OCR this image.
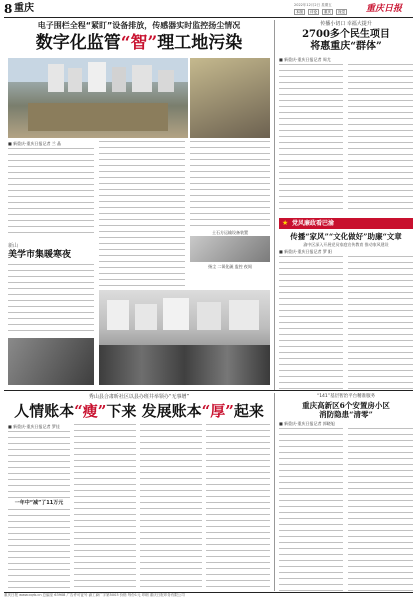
8 重庆	2022年12月2日 星期五
本版	评论	重庆	视觉 重庆日报
电子围栏全程“紧盯”设备排放，传感器实时监控扬尘情况
数字化监管“智”理工地污染
■ 新重庆-重庆日报记者 兰 晶
新山
美学市集暖寒夜
土石方运输设备装置
扬尘 二氧化硫 监控 夜间
传播小切口 幸福大提升
2700多个民生项目
将惠重庆“群体”
■ 新重庆-重庆日报记者 周尤
★ 党风廉政看巴渝
传播“家风”“文化做好”助廉“文章
渝中区深入开展党员家庭宣传教育 推动家风建设
■ 新重庆-重庆日报记者 罗 阳
秀山县合肃昕社区以县办班井举领办“无事增”
人情账本“瘦”下来 发展账本“厚”起来
■ 新重庆-重庆日报记者 罗佳
一年中“减”了11万元
“141”基层智治平台精准服务
重庆高新区6个安置房小区
消防隐患“清零”
■ 新重庆-重庆日报记者 郭晓旭
重庆日报 www.cqrb.cn 总编室 63908 广告许可证号 渝工商广字第5003 价格 每份1元 印刷 重庆日报印务有限公司
